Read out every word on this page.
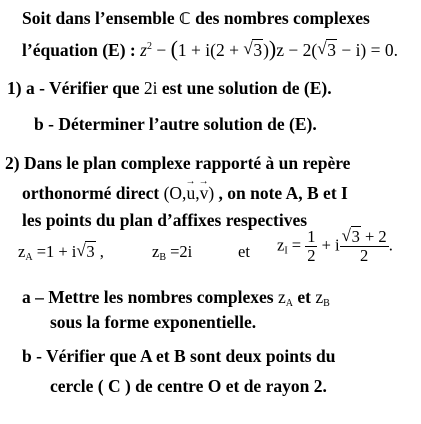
Soit dans l’ensemble ℂ des nombres complexes
l’équation (E) : $z^2 - (1 + i(2$ + √ 3))z − 2( √ 3 − i) = 0.
1) a - Vérifier que 2i est une solution de (E).
b - Déterminer l’autre solution de (E).
2) Dans le plan complexe rapporté à un repère
orthonormé direct (O,→ u,→ v) , on note A, B et I
les points du plan d’affixes respectives
$z_A =1 + i$ √ 3 ,	$z_B =2i$	et $z_I = \frac{1}{2} + i \frac{√ 3 + 2}{2}$ .
a – Mettre les nombres complexes $z_A$ et $z_B$
sous la forme exponentielle.
b - Vérifier que A et B sont deux points du
cercle ( C ) de centre O et de rayon 2.
